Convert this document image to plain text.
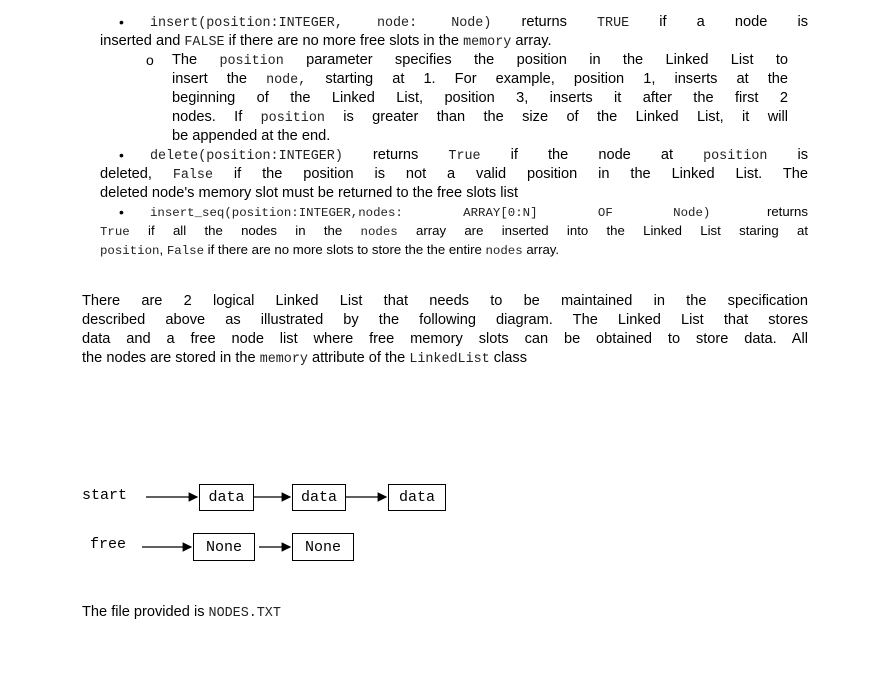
•
o
•
•
insert(position:INTEGER, node: Node) returns TRUE if a node is
inserted and FALSE if there are no more free slots in the memory array.
The position parameter specifies the position in the Linked List to
insert the node, starting at 1. For example, position 1, inserts at the
beginning of the Linked List, position 3, inserts it after the first 2
nodes. If position is greater than the size of the Linked List, it will
be appended at the end.
delete(position:INTEGER) returns True if the node at position is
deleted, False if the position is not a valid position in the Linked List. The
deleted node's memory slot must be returned to the free slots list
insert_seq(position:INTEGER,nodes: ARRAY[0:N] OF Node) returns
True if all the nodes in the nodes array are inserted into the Linked List staring at
position, False if there are no more slots to store the the entire nodes array.
There are 2 logical Linked List that needs to be maintained in the specification
described above as illustrated by the following diagram. The Linked List that stores
data and a free node list where free memory slots can be obtained to store data. All
the nodes are stored in the memory attribute of the LinkedList class
The file provided is NODES.TXT
start	data	data	data
free	None	None
